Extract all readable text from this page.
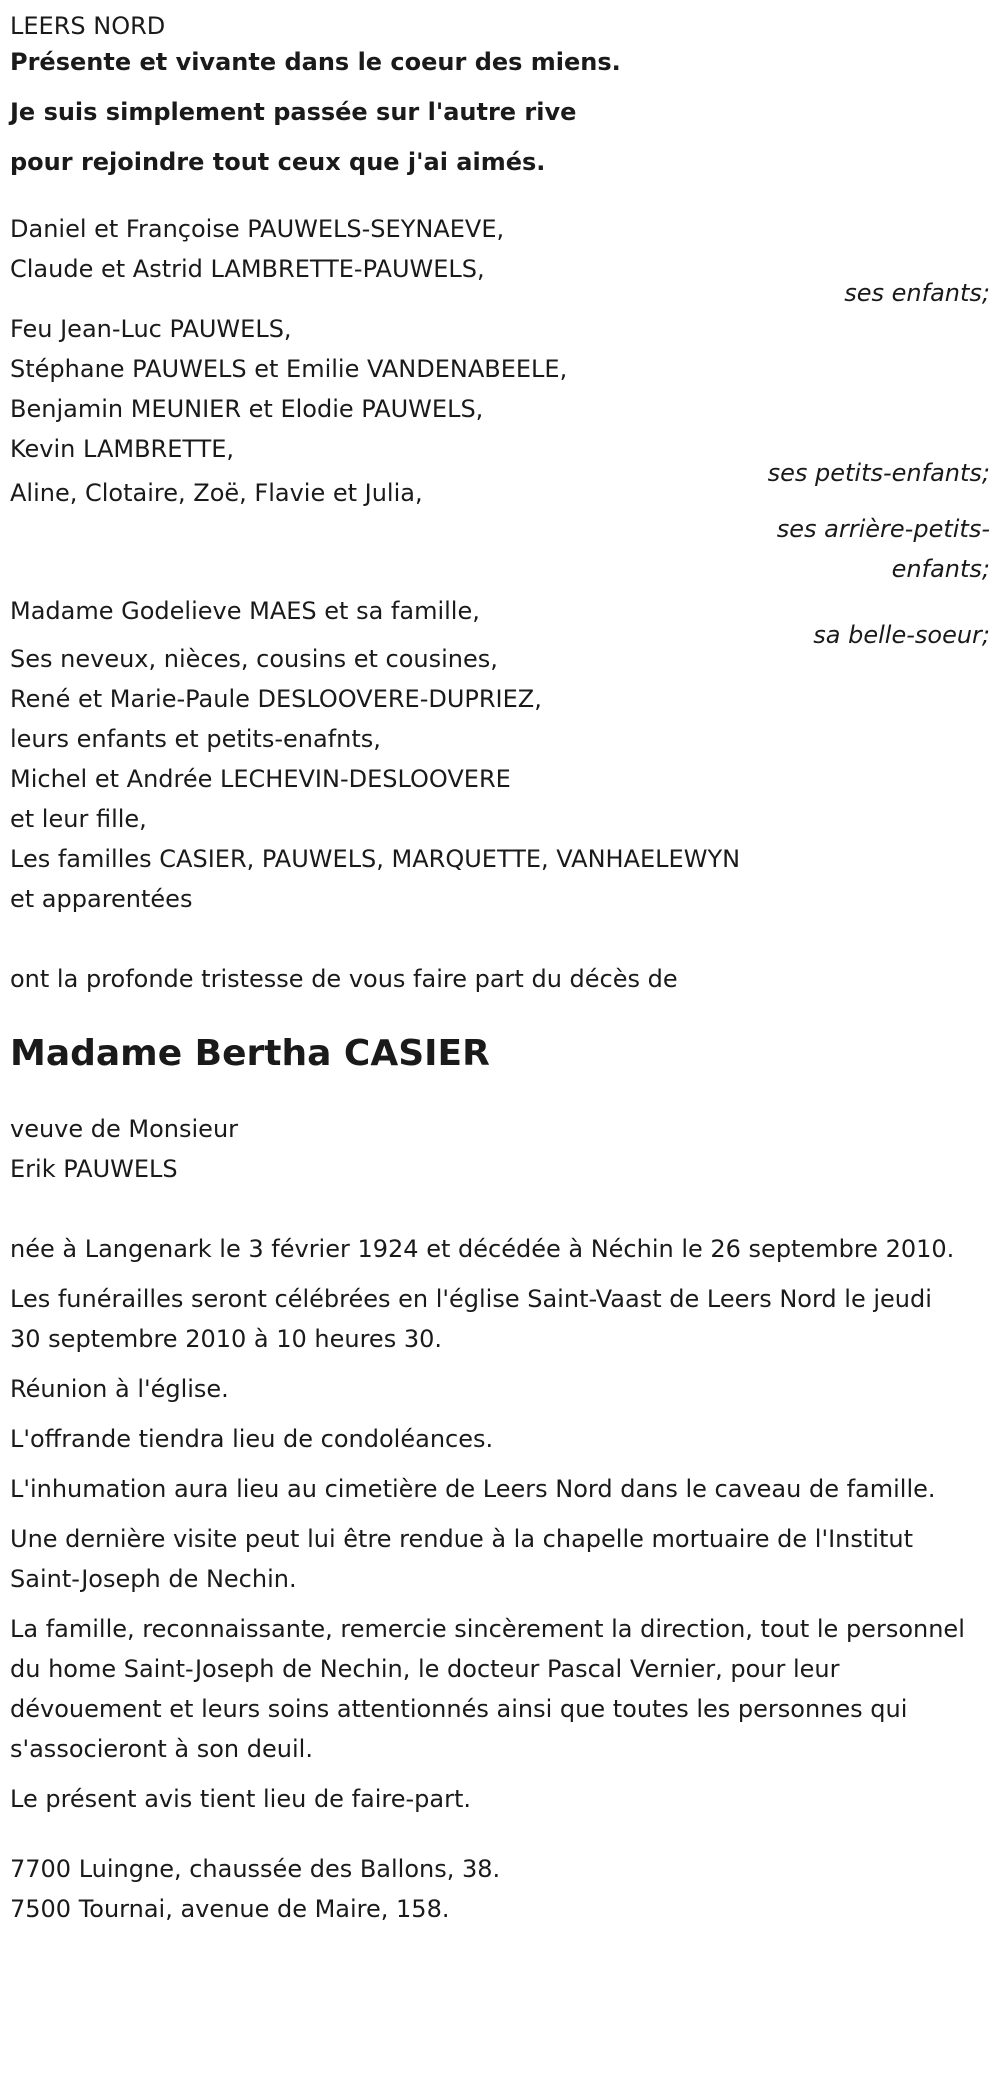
LEERS NORD

Présente et vivante dans le coeur des miens.

Je suis simplement passée sur l'autre rive

pour rejoindre tout ceux que j'ai aimés.

Daniel et Françoise PAUWELS-SEYNAEVE,

Claude et Astrid LAMBRETTE-PAUWELS,

ses enfants;

Feu Jean-Luc PAUWELS,

Stéphane PAUWELS et Emilie VANDENABEELE,

Benjamin MEUNIER et Elodie PAUWELS,

Kevin LAMBRETTE,

ses petits-enfants;

Aline, Clotaire, Zoë, Flavie et Julia,

ses arrière-petits-

enfants;

Madame Godelieve MAES et sa famille,

sa belle-soeur;

Ses neveux, nièces, cousins et cousines,

René et Marie-Paule DESLOOVERE-DUPRIEZ,

leurs enfants et petits-enafnts,

Michel et Andrée LECHEVIN-DESLOOVERE

et leur fille,

Les familles CASIER, PAUWELS, MARQUETTE, VANHAELEWYN

et apparentées

ont la profonde tristesse de vous faire part du décès de

Madame Bertha CASIER

veuve de Monsieur

Erik PAUWELS

née à Langenark le 3 février 1924 et décédée à Néchin le 26 septembre 2010.

Les funérailles seront célébrées en l'église Saint-Vaast de Leers Nord le jeudi 30 septembre 2010 à 10 heures 30.

Réunion à l'église.

L'offrande tiendra lieu de condoléances.

L'inhumation aura lieu au cimetière de Leers Nord dans le caveau de famille.

Une dernière visite peut lui être rendue à la chapelle mortuaire de l'Institut Saint-Joseph de Nechin.

La famille, reconnaissante, remercie sincèrement la direction, tout le personnel du home Saint-Joseph de Nechin, le docteur Pascal Vernier, pour leur dévouement et leurs soins attentionnés ainsi que toutes les personnes qui s'associeront à son deuil.

Le présent avis tient lieu de faire-part.

7700 Luingne, chaussée des Ballons, 38.

7500 Tournai, avenue de Maire, 158.
